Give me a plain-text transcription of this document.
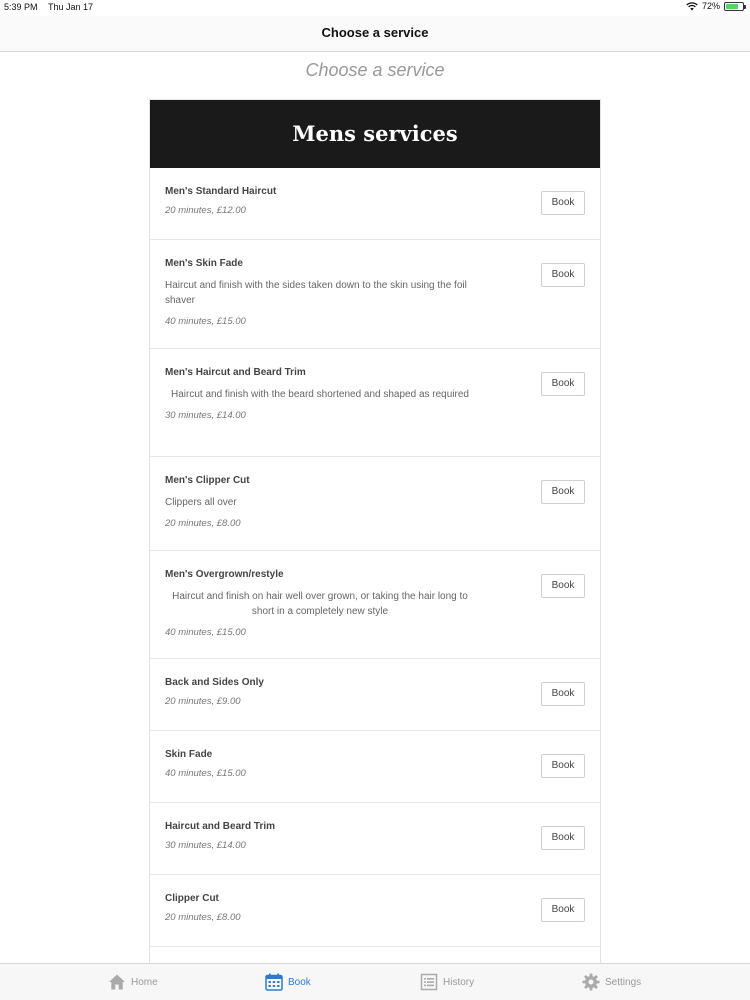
5:39 PM Thu Jan 17	72%
Choose a service
Choose a service
Mens services
Men's Standard Haircut
20 minutes, £12.00
Book
Men's Skin Fade
Haircut and finish with the sides taken down to the skin using the foil shaver
40 minutes, £15.00
Book
Men's Haircut and Beard Trim
Haircut and finish with the beard shortened and shaped as required
30 minutes, £14.00
Book
Men's Clipper Cut
Clippers all over
20 minutes, £8.00
Book
Men's Overgrown/restyle
Haircut and finish on hair well over grown, or taking the hair long to short in a completely new style
40 minutes, £15.00
Book
Back and Sides Only
20 minutes, £9.00
Book
Skin Fade
40 minutes, £15.00
Book
Haircut and Beard Trim
30 minutes, £14.00
Book
Clipper Cut
20 minutes, £8.00
Book
Home	Book	History	Settings
